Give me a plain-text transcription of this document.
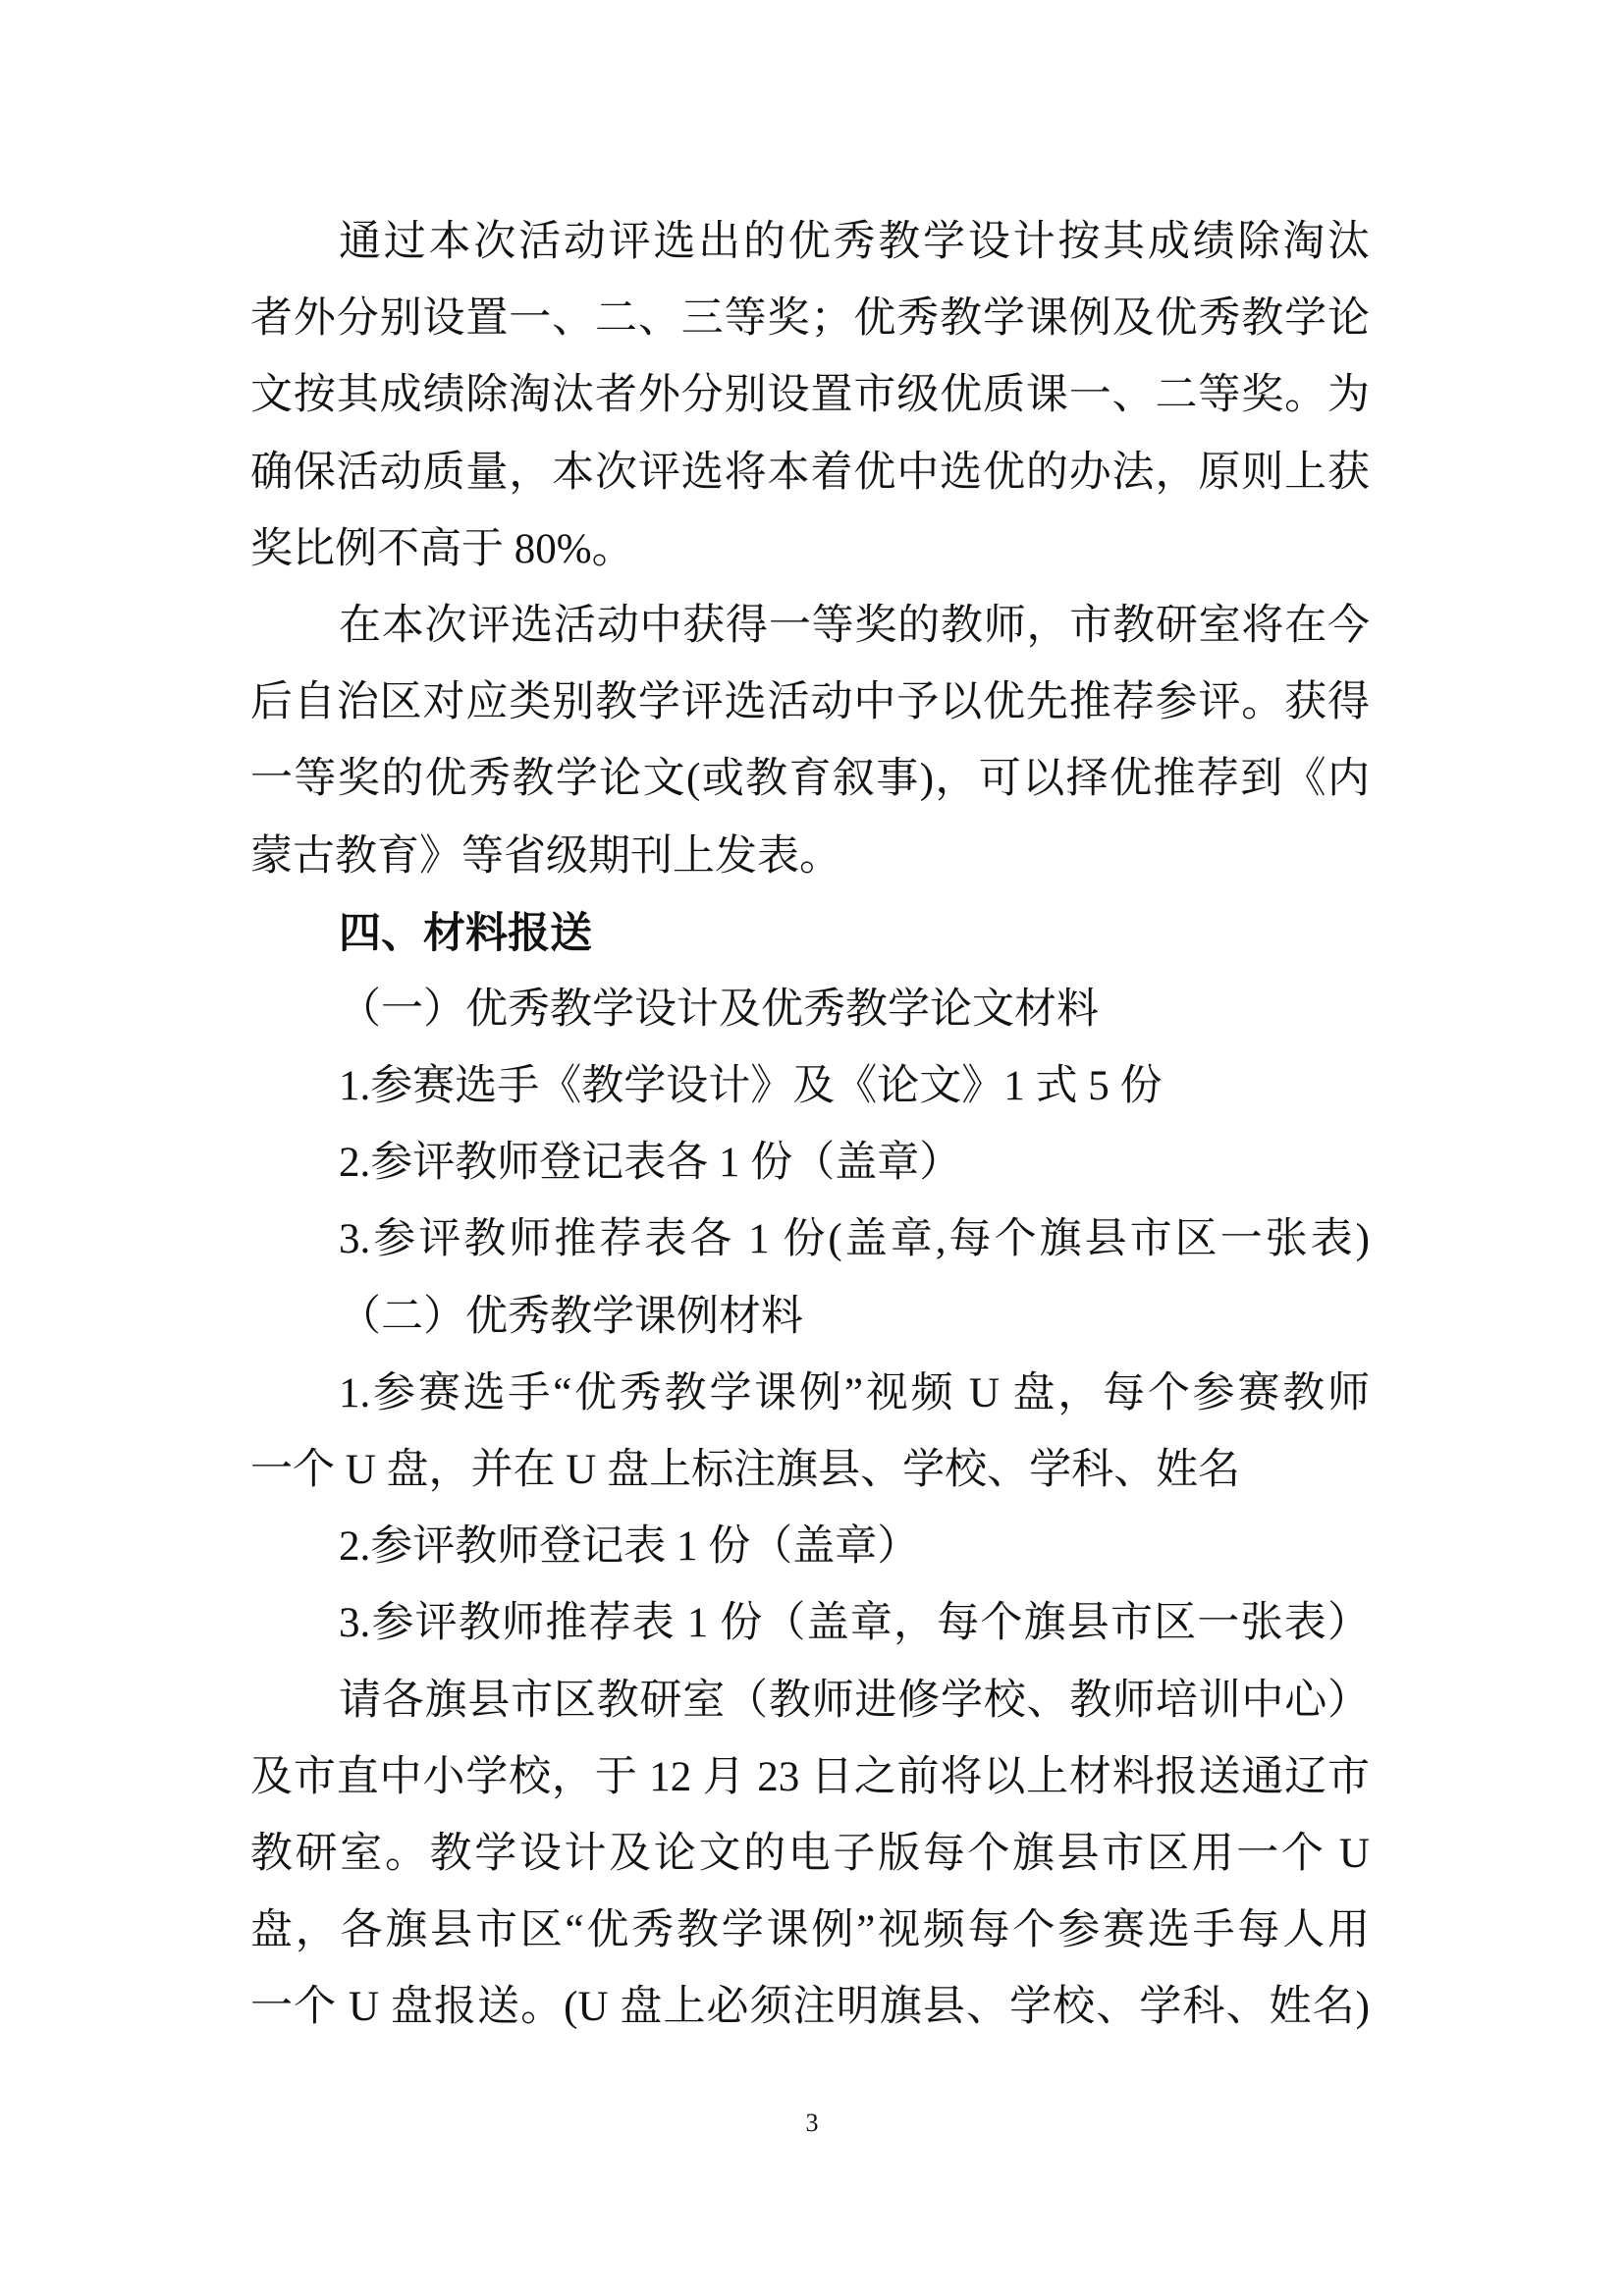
通过本次活动评选出的优秀教学设计按其成绩除淘汰
者外分别设置一、二、三等奖；优秀教学课例及优秀教学论
文按其成绩除淘汰者外分别设置市级优质课一、二等奖。为
确保活动质量，本次评选将本着优中选优的办法，原则上获
奖比例不高于 80%。
在本次评选活动中获得一等奖的教师，市教研室将在今
后自治区对应类别教学评选活动中予以优先推荐参评。获得
一等奖的优秀教学论文(或教育叙事)，可以择优推荐到《内
蒙古教育》等省级期刊上发表。
四、材料报送
（一）优秀教学设计及优秀教学论文材料
1.参赛选手《教学设计》及《论文》1 式 5 份
2.参评教师登记表各 1 份（盖章）
3.参评教师推荐表各 1 份(盖章,每个旗县市区一张表)
（二）优秀教学课例材料
1.参赛选手“优秀教学课例”视频 U 盘，每个参赛教师
一个 U 盘，并在 U 盘上标注旗县、学校、学科、姓名
2.参评教师登记表 1 份（盖章）
3.参评教师推荐表 1 份（盖章，每个旗县市区一张表）
请各旗县市区教研室（教师进修学校、教师培训中心）
及市直中小学校，于 12 月 23 日之前将以上材料报送通辽市
教研室。教学设计及论文的电子版每个旗县市区用一个 U
盘，各旗县市区“优秀教学课例”视频每个参赛选手每人用
一个 U 盘报送。(U 盘上必须注明旗县、学校、学科、姓名)
3
